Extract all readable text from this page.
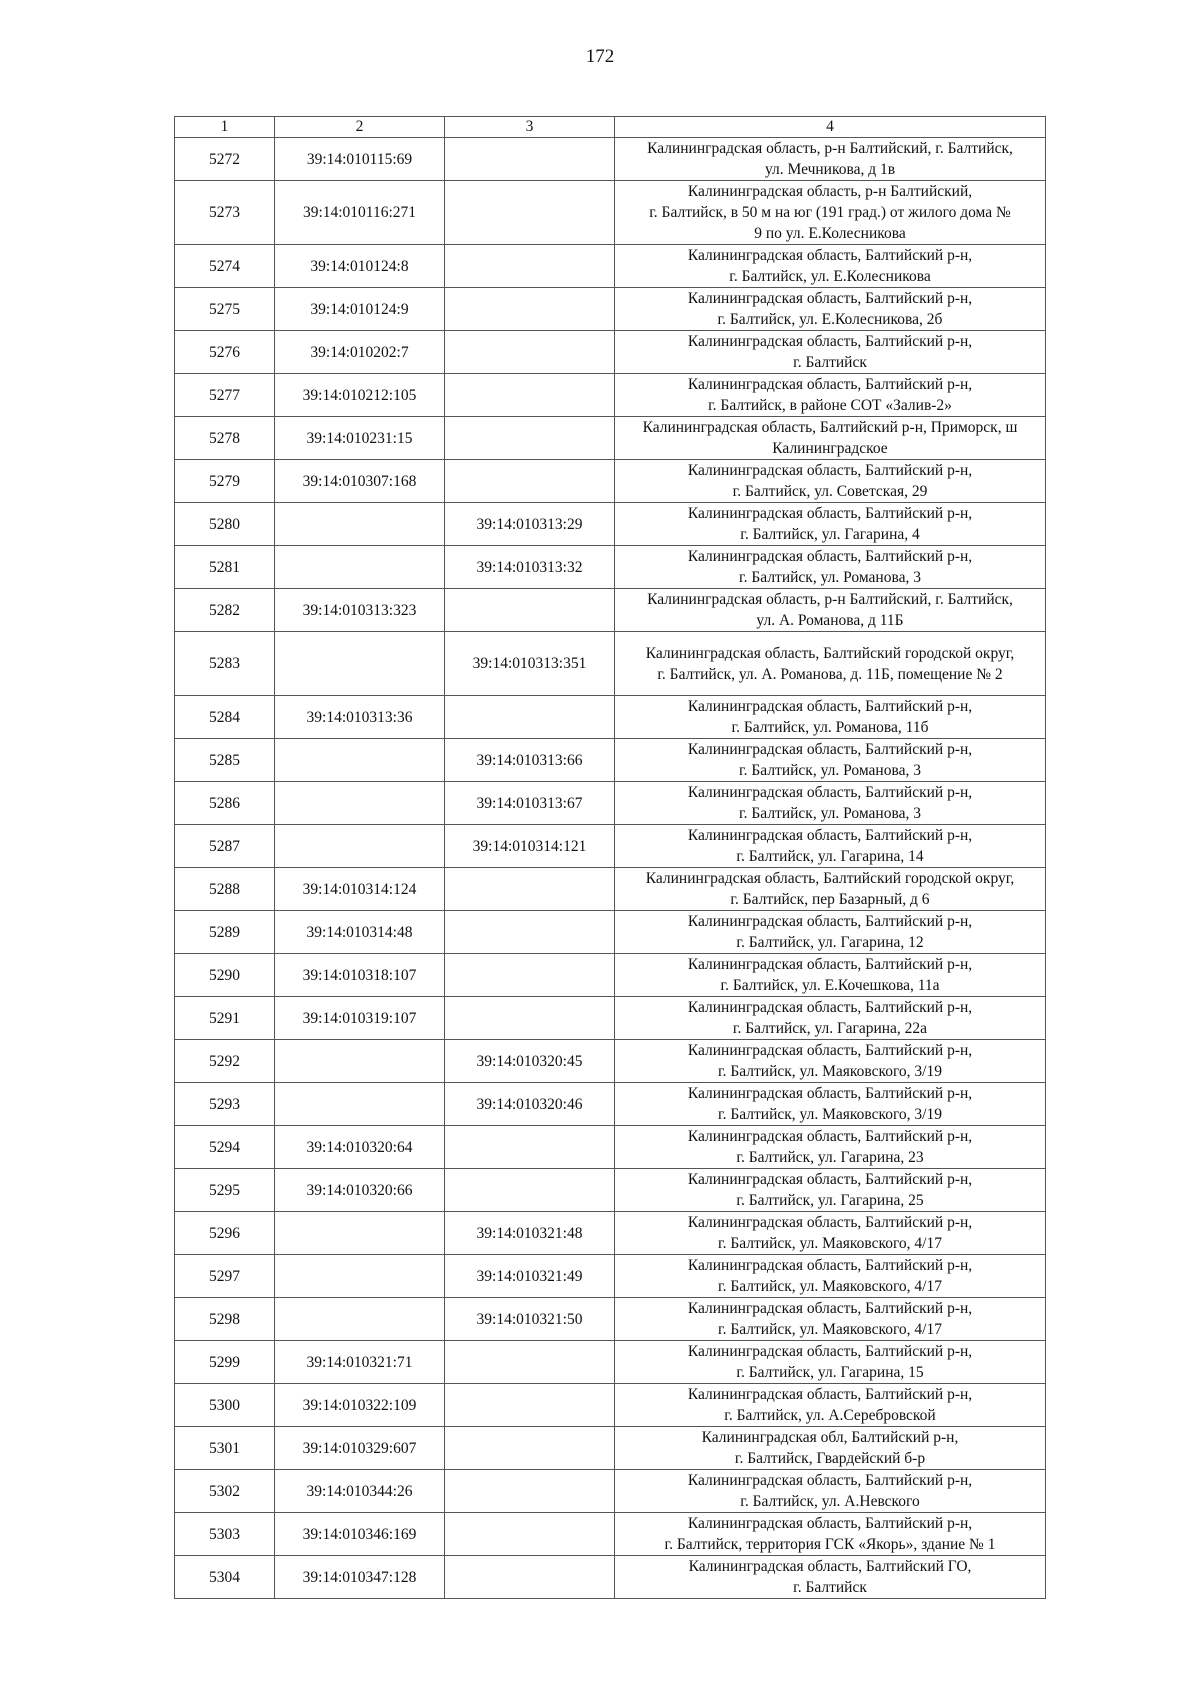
172
1	2	3	4
5272	39:14:010115:69		Калининградская область, р-н Балтийский, г. Балтийск,
ул. Мечникова, д 1в

5273	39:14:010116:271		Калининградская область, р-н Балтийский,
г. Балтийск, в 50 м на юг (191 град.) от жилого дома №
9 по ул. Е.Колесникова

5274	39:14:010124:8		Калининградская область, Балтийский р-н,
г. Балтийск, ул. Е.Колесникова

5275	39:14:010124:9		Калининградская область, Балтийский р-н,
г. Балтийск, ул. Е.Колесникова, 2б

5276	39:14:010202:7		Калининградская область, Балтийский р-н,
г. Балтийск

5277	39:14:010212:105		Калининградская область, Балтийский р-н,
г. Балтийск, в районе СОТ «Залив-2»

5278	39:14:010231:15		Калининградская область, Балтийский р-н, Приморск, ш
Калининградское

5279	39:14:010307:168		Калининградская область, Балтийский р-н,
г. Балтийск, ул. Советская, 29

5280		39:14:010313:29	Калининградская область, Балтийский р-н,
г. Балтийск, ул. Гагарина, 4

5281		39:14:010313:32	Калининградская область, Балтийский р-н,
г. Балтийск, ул. Романова, 3

5282	39:14:010313:323		Калининградская область, р-н Балтийский, г. Балтийск,
ул. А. Романова, д 11Б

5283		39:14:010313:351	Калининградская область, Балтийский городской округ,
г. Балтийск, ул. А. Романова, д. 11Б, помещение № 2

5284	39:14:010313:36		Калининградская область, Балтийский р-н,
г. Балтийск, ул. Романова, 11б

5285		39:14:010313:66	Калининградская область, Балтийский р-н,
г. Балтийск, ул. Романова, 3

5286		39:14:010313:67	Калининградская область, Балтийский р-н,
г. Балтийск, ул. Романова, 3

5287		39:14:010314:121	Калининградская область, Балтийский р-н,
г. Балтийск, ул. Гагарина, 14

5288	39:14:010314:124		Калининградская область, Балтийский городской округ,
г. Балтийск, пер Базарный, д 6

5289	39:14:010314:48		Калининградская область, Балтийский р-н,
г. Балтийск, ул. Гагарина, 12

5290	39:14:010318:107		Калининградская область, Балтийский р-н,
г. Балтийск, ул. Е.Кочешкова, 11а

5291	39:14:010319:107		Калининградская область, Балтийский р-н,
г. Балтийск, ул. Гагарина, 22а

5292		39:14:010320:45	Калининградская область, Балтийский р-н,
г. Балтийск, ул. Маяковского, 3/19

5293		39:14:010320:46	Калининградская область, Балтийский р-н,
г. Балтийск, ул. Маяковского, 3/19

5294	39:14:010320:64		Калининградская область, Балтийский р-н,
г. Балтийск, ул. Гагарина, 23

5295	39:14:010320:66		Калининградская область, Балтийский р-н,
г. Балтийск, ул. Гагарина, 25

5296		39:14:010321:48	Калининградская область, Балтийский р-н,
г. Балтийск, ул. Маяковского, 4/17

5297		39:14:010321:49	Калининградская область, Балтийский р-н,
г. Балтийск, ул. Маяковского, 4/17

5298		39:14:010321:50	Калининградская область, Балтийский р-н,
г. Балтийск, ул. Маяковского, 4/17

5299	39:14:010321:71		Калининградская область, Балтийский р-н,
г. Балтийск, ул. Гагарина, 15

5300	39:14:010322:109		Калининградская область, Балтийский р-н,
г. Балтийск, ул. А.Серебровской

5301	39:14:010329:607		Калининградская обл, Балтийский р-н,
г. Балтийск, Гвардейский б-р

5302	39:14:010344:26		Калининградская область, Балтийский р-н,
г. Балтийск, ул. А.Невского

5303	39:14:010346:169		Калининградская область, Балтийский р-н,
г. Балтийск, территория ГСК «Якорь», здание № 1

5304	39:14:010347:128		Калининградская область, Балтийский ГО,
г. Балтийск
